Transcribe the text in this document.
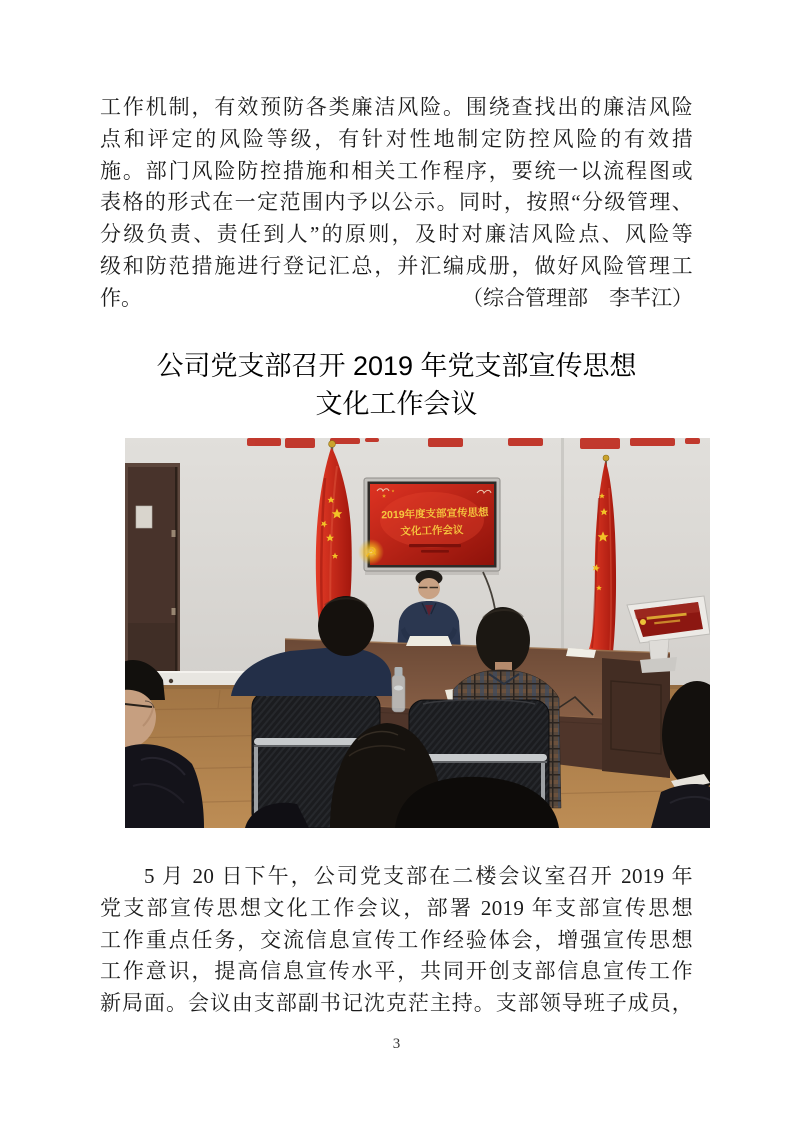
工作机制，有效预防各类廉洁风险。围绕查找出的廉洁风险
点和评定的风险等级，有针对性地制定防控风险的有效措
施。部门风险防控措施和相关工作程序，要统一以流程图或
表格的形式在一定范围内予以公示。同时，按照“分级管理、
分级负责、责任到人”的原则，及时对廉洁风险点、风险等
级和防范措施进行登记汇总，并汇编成册，做好风险管理工
作。	（综合管理部　李芊江）
公司党支部召开 2019 年党支部宣传思想
文化工作会议
2019年度支部宣传思想
文化工作会议
☭
5 月 20 日下午，公司党支部在二楼会议室召开 2019 年
党支部宣传思想文化工作会议，部署 2019 年支部宣传思想
工作重点任务，交流信息宣传工作经验体会，增强宣传思想
工作意识，提高信息宣传水平，共同开创支部信息宣传工作
新局面。会议由支部副书记沈克茫主持。支部领导班子成员，
3
